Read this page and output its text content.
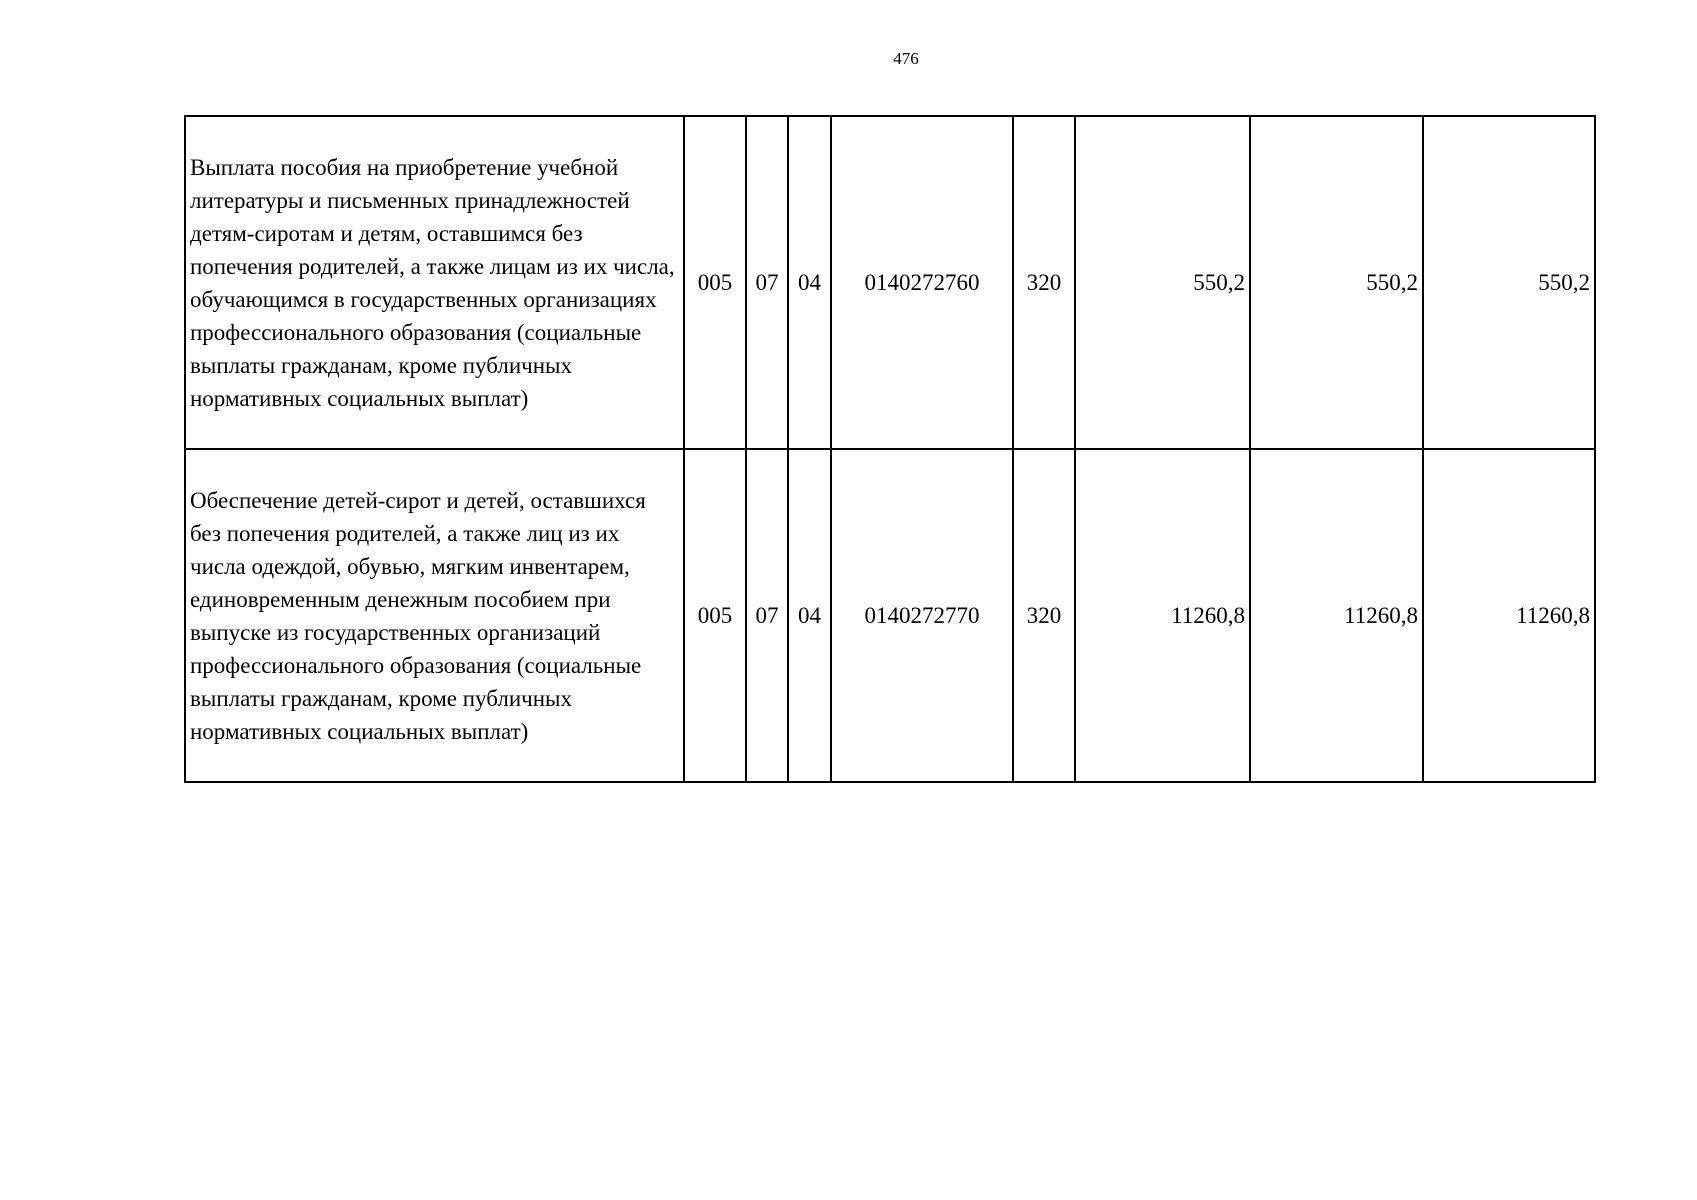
476
Выплата пособия на приобретение учебной литературы и письменных принадлежностей детям-сиротам и детям, оставшимся без попечения родителей, а также лицам из их числа, обучающимся в государственных организациях профессионального образования (социальные выплаты гражданам, кроме публичных нормативных социальных выплат)	005	07	04	0140272760	320	550,2	550,2	550,2
Обеспечение детей-сирот и детей, оставшихся без попечения родителей, а также лиц из их числа одеждой, обувью, мягким инвентарем, единовременным денежным пособием при выпуске из государственных организаций профессионального образования (социальные выплаты гражданам, кроме публичных нормативных социальных выплат)	005	07	04	0140272770	320	11260,8	11260,8	11260,8
